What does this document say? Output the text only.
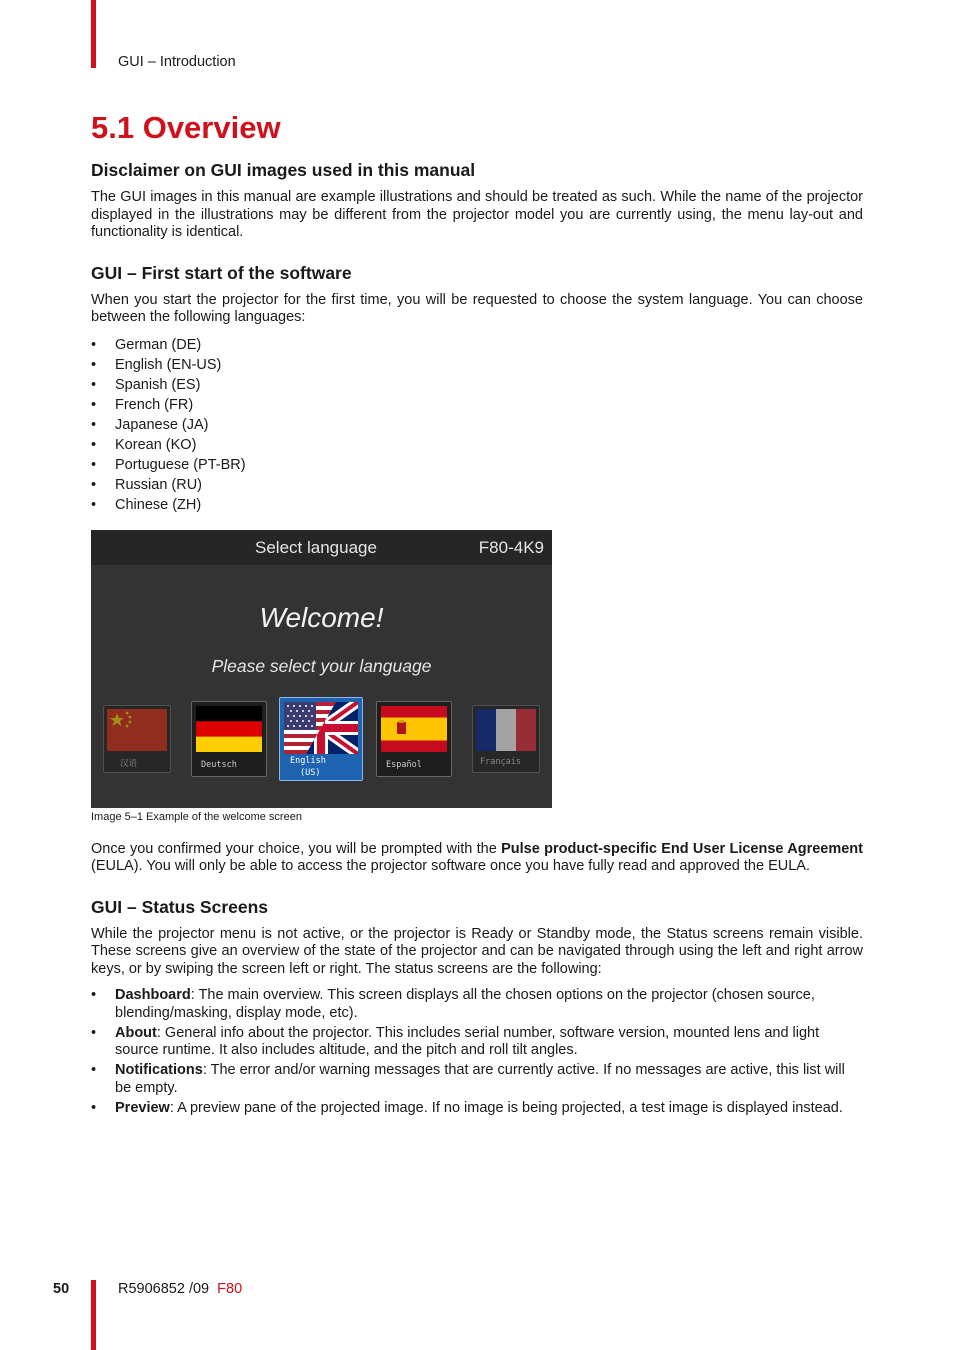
GUI – Introduction
5.1 Overview
Disclaimer on GUI images used in this manual

The GUI images in this manual are example illustrations and should be treated as such. While the name of the projector displayed in the illustrations may be different from the projector model you are currently using, the menu lay-out and functionality is identical.

GUI – First start of the software

When you start the projector for the first time, you will be requested to choose the system language. You can choose between the following languages:

• German (DE)
• English (EN-US)
• Spanish (ES)
• French (FR)
• Japanese (JA)
• Korean (KO)
• Portuguese (PT-BR)
• Russian (RU)
• Chinese (ZH)
Select language	F80-4K9
Welcome!
Please select your language
汉语	Deutsch	English
(US)
Español	Français
Image 5–1 Example of the welcome screen

Once you confirmed your choice, you will be prompted with the Pulse product-specific End User License Agreement (EULA). You will only be able to access the projector software once you have fully read and approved the EULA.

GUI – Status Screens

While the projector menu is not active, or the projector is Ready or Standby mode, the Status screens remain visible. These screens give an overview of the state of the projector and can be navigated through using the left and right arrow keys, or by swiping the screen left or right. The status screens are the following:

• Dashboard: The main overview. This screen displays all the chosen options on the projector (chosen source, blending/masking, display mode, etc).
• About: General info about the projector. This includes serial number, software version, mounted lens and light source runtime. It also includes altitude, and the pitch and roll tilt angles.
• Notifications: The error and/or warning messages that are currently active. If no messages are active, this list will be empty.
• Preview: A preview pane of the projected image. If no image is being projected, a test image is displayed instead.
50	R5906852 /09 F80
